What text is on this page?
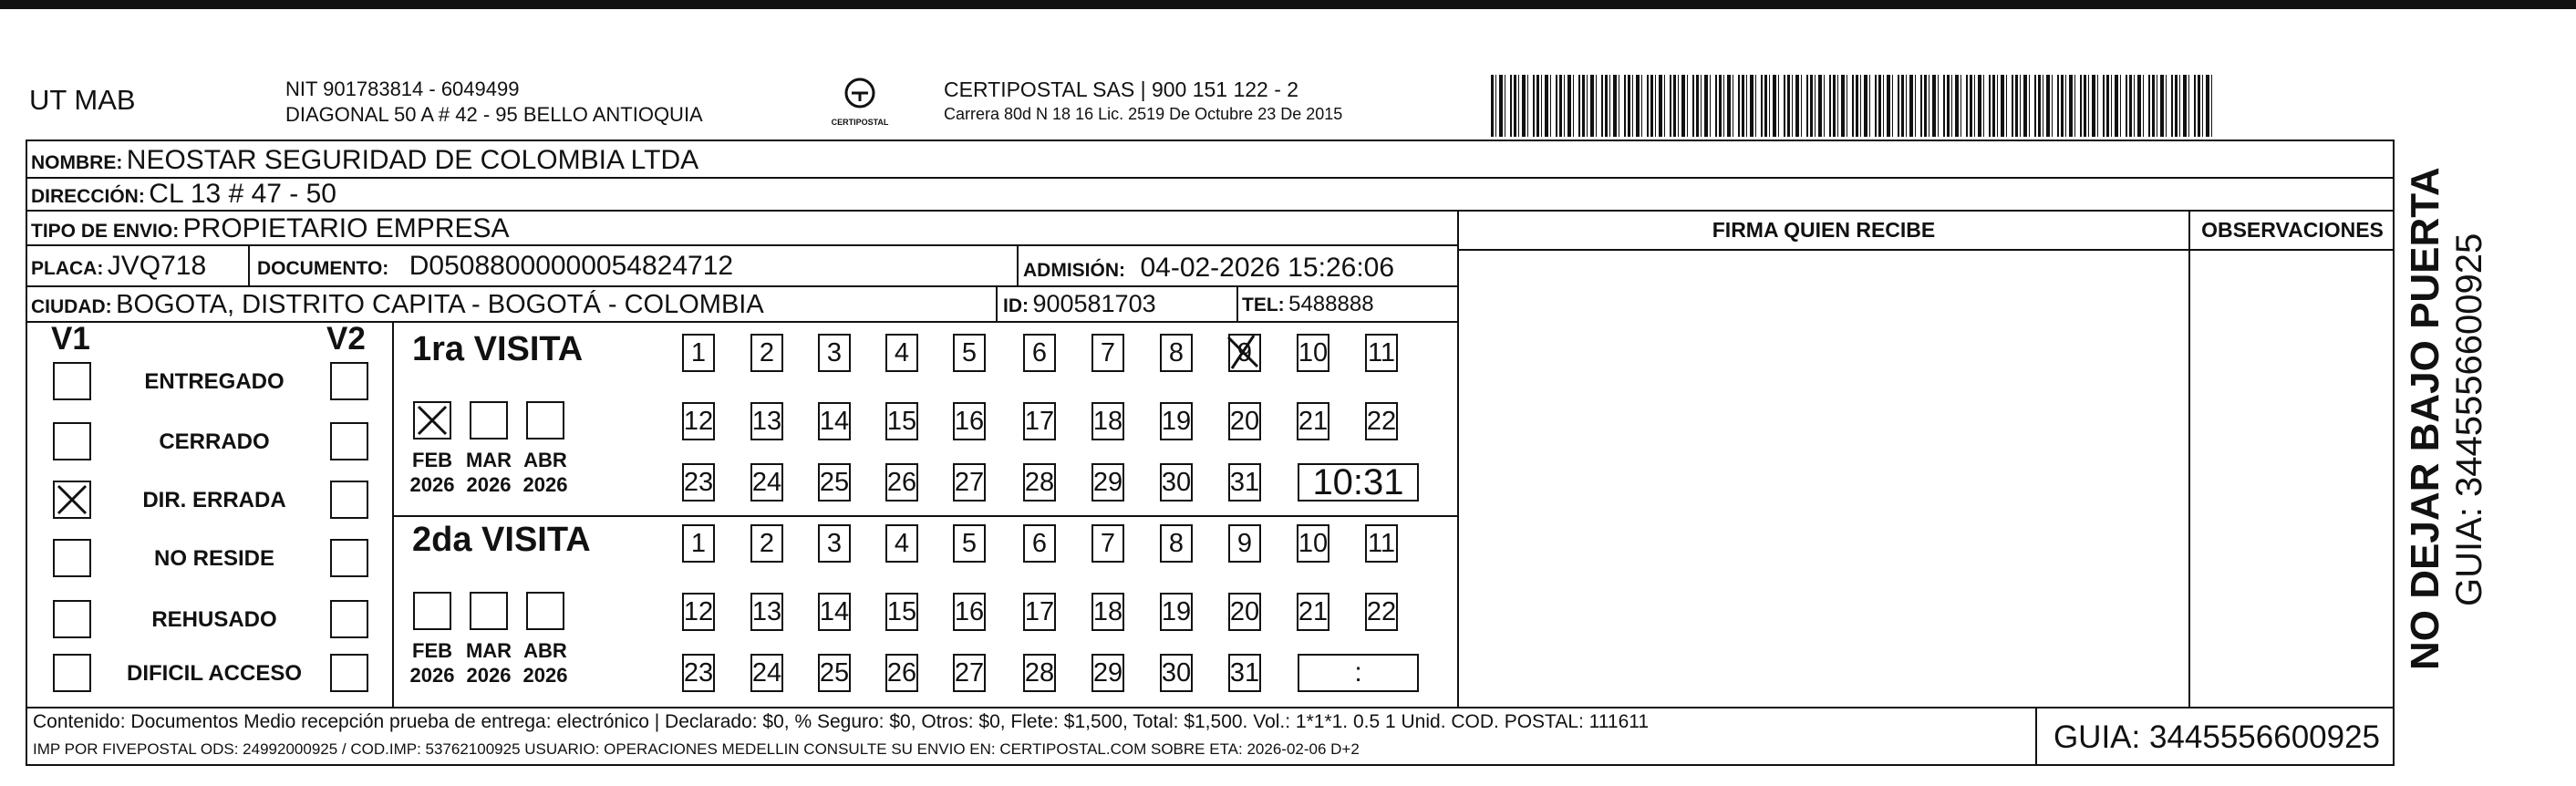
UT MAB	NIT 901783814 - 6049499
DIAGONAL 50 A # 42 - 95 BELLO ANTIOQUIA	CERTIPOSTAL
CERTIPOSTAL SAS | 900 151 122 - 2
Carrera 80d N 18 16 Lic. 2519 De Octubre 23 De 2015
NOMBRE: NEOSTAR SEGURIDAD DE COLOMBIA LTDA
DIRECCIÓN: CL 13 # 47 - 50
TIPO DE ENVIO: PROPIETARIO EMPRESA
PLACA: JVQ718	DOCUMENTO: D05088000000054824712	ADMISIÓN: 04-02-2026 15:26:06
CIUDAD: BOGOTA, DISTRITO CAPITA - BOGOTÁ - COLOMBIA	ID: 900581703	TEL: 5488888
FIRMA QUIEN RECIBE	OBSERVACIONES
V1	V2
ENTREGADO
CERRADO
DIR. ERRADA
NO RESIDE
REHUSADO
DIFICIL ACCESO
1ra VISITA
FEB
2026
MAR
2026
ABR
2026
1	2	3	4	5	6	7	8	9	10 11
12 13 14 15 16 17 18 19 20 21 22
23 24 25 26 27 28 29 30 31	10:31
2da VISITA
FEB
2026
MAR
2026
ABR
2026
1	2	3	4	5	6	7	8	9	10 11
12 13 14 15 16 17 18 19 20 21 22
23 24 25 26 27 28 29 30 31	:
Contenido: Documentos Medio recepción prueba de entrega: electrónico | Declarado: $0, % Seguro: $0, Otros: $0, Flete: $1,500, Total: $1,500. Vol.: 1*1*1. 0.5 1 Unid. COD. POSTAL: 111611
IMP POR FIVEPOSTAL ODS: 24992000925 / COD.IMP: 53762100925 USUARIO: OPERACIONES MEDELLIN CONSULTE SU ENVIO EN: CERTIPOSTAL.COM SOBRE ETA: 2026-02-06 D+2	GUIA: 3445556600925
NO DEJAR BAJO PUERTA GUIA: 3445556600925
